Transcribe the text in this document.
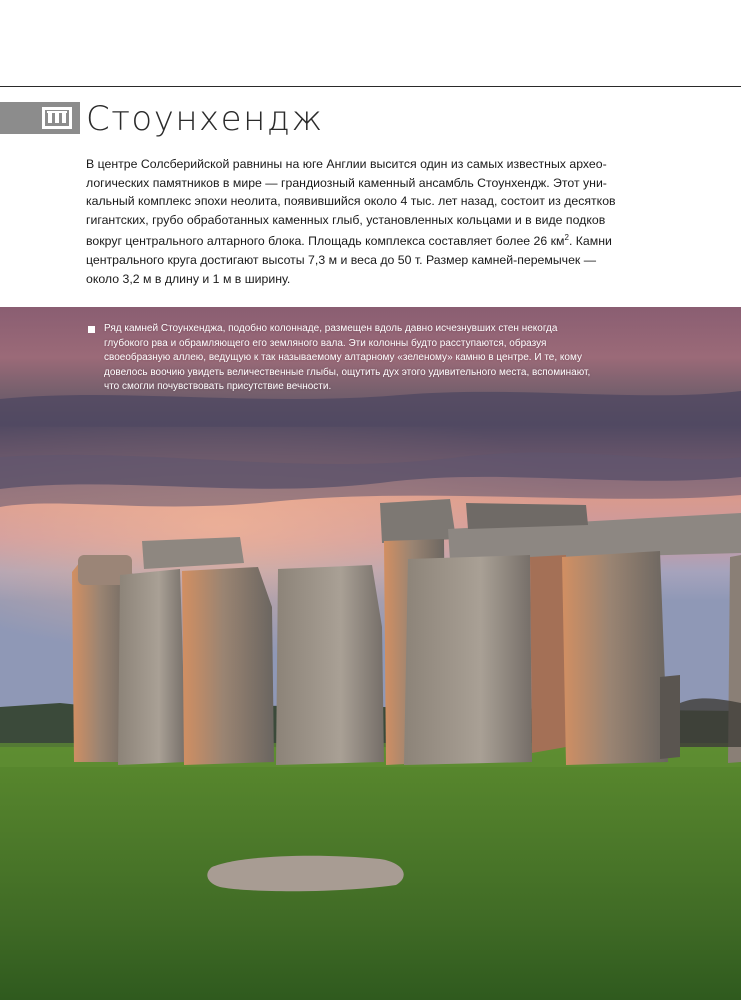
Стоунхендж

В центре Солсберийской равнины на юге Англии высится один из самых известных архео-

логических памятников в мире — грандиозный каменный ансамбль Стоунхендж. Этот уни-

кальный комплекс эпохи неолита, появившийся около 4 тыс. лет назад, состоит из десятков

гигантских, грубо обработанных каменных глыб, установленных кольцами и в виде подков

вокруг центрального алтарного блока. Площадь комплекса составляет более 26 $км^2$. Камни

центрального круга достигают высоты 7,3 м и веса до 50 т. Размер камней-перемычек —

около 3,2 м в длину и 1 м в ширину.

Ряд камней Стоунхенджа, подобно колоннаде, размещен вдоль давно исчезнувших стен некогда
глубокого рва и обрамляющего его земляного вала. Эти колонны будто расступаются, образуя
своеобразную аллею, ведущую к так называемому алтарному «зеленому» камню в центре. И те, кому
довелось воочию увидеть величественные глыбы, ощутить дух этого удивительного места, вспоминают,
что смогли почувствовать присутствие вечности.
